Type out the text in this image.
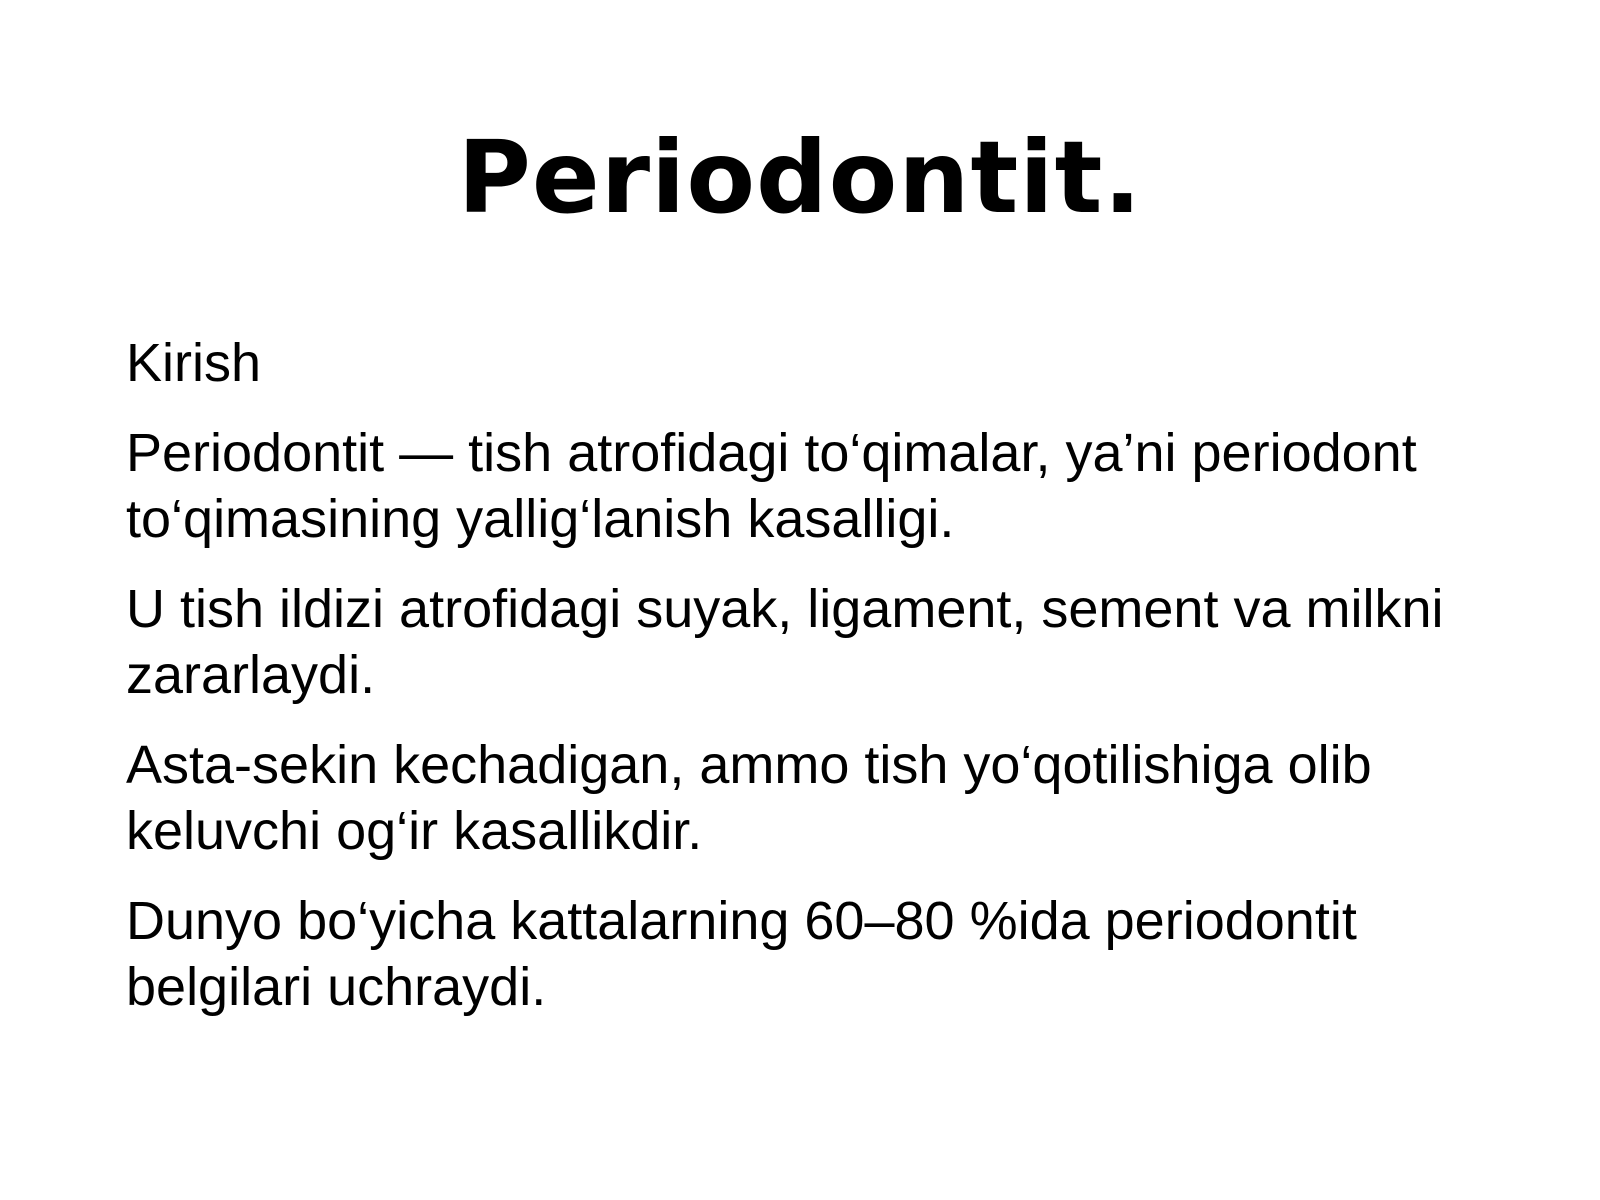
Periodontit.

Kirish

Periodontit — tish atrofidagi to‘qimalar, ya’ni periodont to‘qimasining yallig‘lanish kasalligi.

U tish ildizi atrofidagi suyak, ligament, sement va milkni zararlaydi.

Asta-sekin kechadigan, ammo tish yo‘qotilishiga olib keluvchi og‘ir kasallikdir.

Dunyo bo‘yicha kattalarning 60–80 %ida periodontit belgilari uchraydi.
